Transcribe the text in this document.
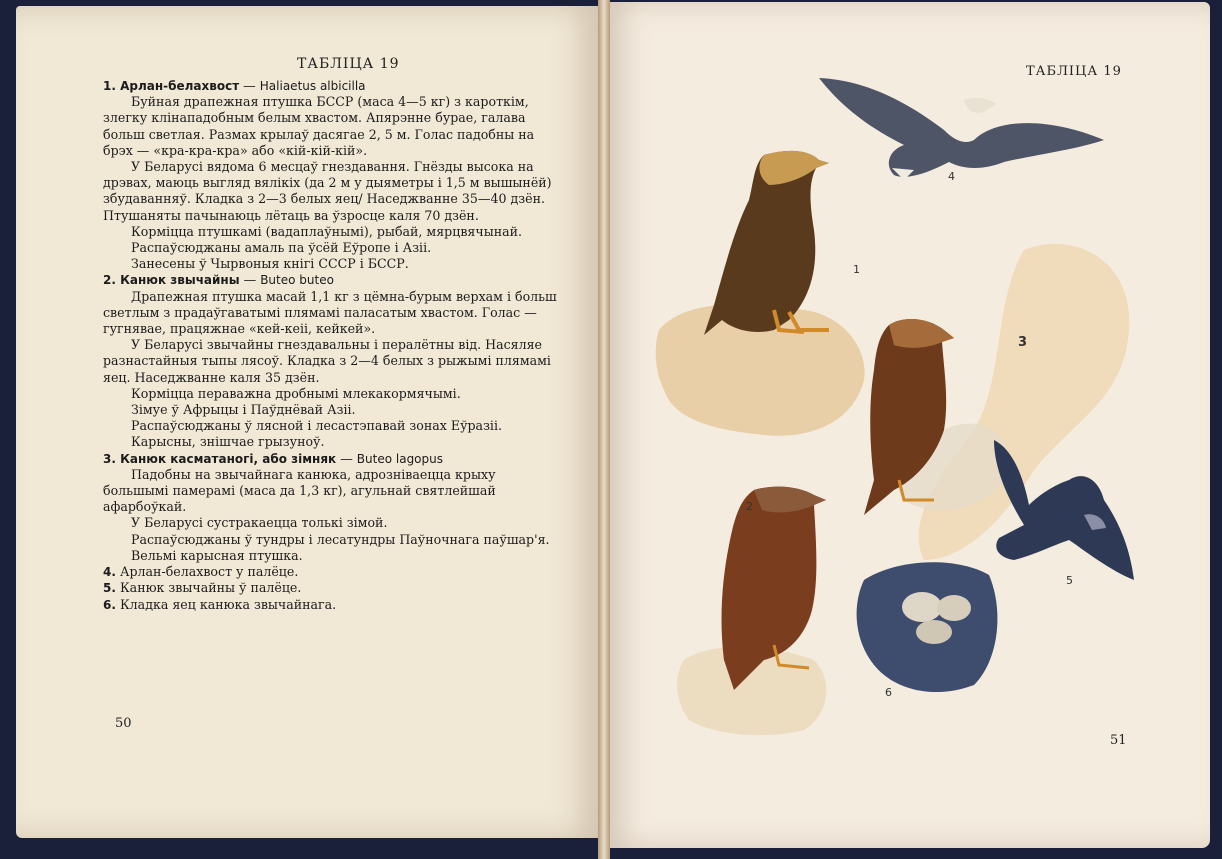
ТАБЛІЦА 19

1. Арлан-белахвост — Haliaetus albicilla

Буйная драпежная птушка БССР (маса 4—5 кг) з кароткім, злегку клінападобным белым хвастом. Апярэнне бурае, галава больш светлая. Размах крылаў дасягае 2, 5 м. Голас падобны на брэх — «кра-кра-кра» або «кій-кій-кій».

У Беларусі вядома 6 месцаў гнездавання. Гнёзды высока на дрэвах, маюць выгляд вялікіх (да 2 м у дыяметры і 1,5 м вышынёй) збудаванняў. Кладка з 2—3 белых яец/ Наседжванне 35—40 дзён. Птушаняты пачынаюць лётаць ва ўзросце каля 70 дзён.

Корміцца птушкамі (вадаплаўнымі), рыбай, мярцвячынай.

Распаўсюджаны амаль па ўсёй Еўропе і Азіі.

Занесены ў Чырвоныя кнігі СССР і БССР.

2. Канюк звычайны — Buteo buteo

Драпежная птушка масай 1,1 кг з цёмна-бурым верхам і больш светлым з прадаўгаватымі плямамі паласатым хвастом. Голас — гугнявае, працяжнае «кей-кеіі, кейкей».

У Беларусі звычайны гнездавальны і пералётны від. Насяляе разнастайныя тыпы лясоў. Кладка з 2—4 белых з рыжымі плямамі яец. Наседжванне каля 35 дзён.

Корміцца пераважна дробнымі млекакормячымі.

Зімуе ў Афрыцы і Паўднёвай Азіі.

Распаўсюджаны ў лясной і лесастэпавай зонах Еўразіі.

Карысны, знішчае грызуноў.

3. Канюк касматаногі, або зімняк — Buteo lagopus

Падобны на звычайнага канюка, адрозніваецца крыху большымі памерамі (маса да 1,3 кг), агульнай святлейшай афарбоўкай.

У Беларусі сустракаецца толькі зімой.

Распаўсюджаны ў тундры і лесатундры Паўночнага паўшар'я.

Вельмі карысная птушка.

4. Арлан-белахвост у палёце.

5. Канюк звычайны ў палёце.

6. Кладка яец канюка звычайнага.

50
ТАБЛІЦА 19
1
2
3
4
5
6
51
